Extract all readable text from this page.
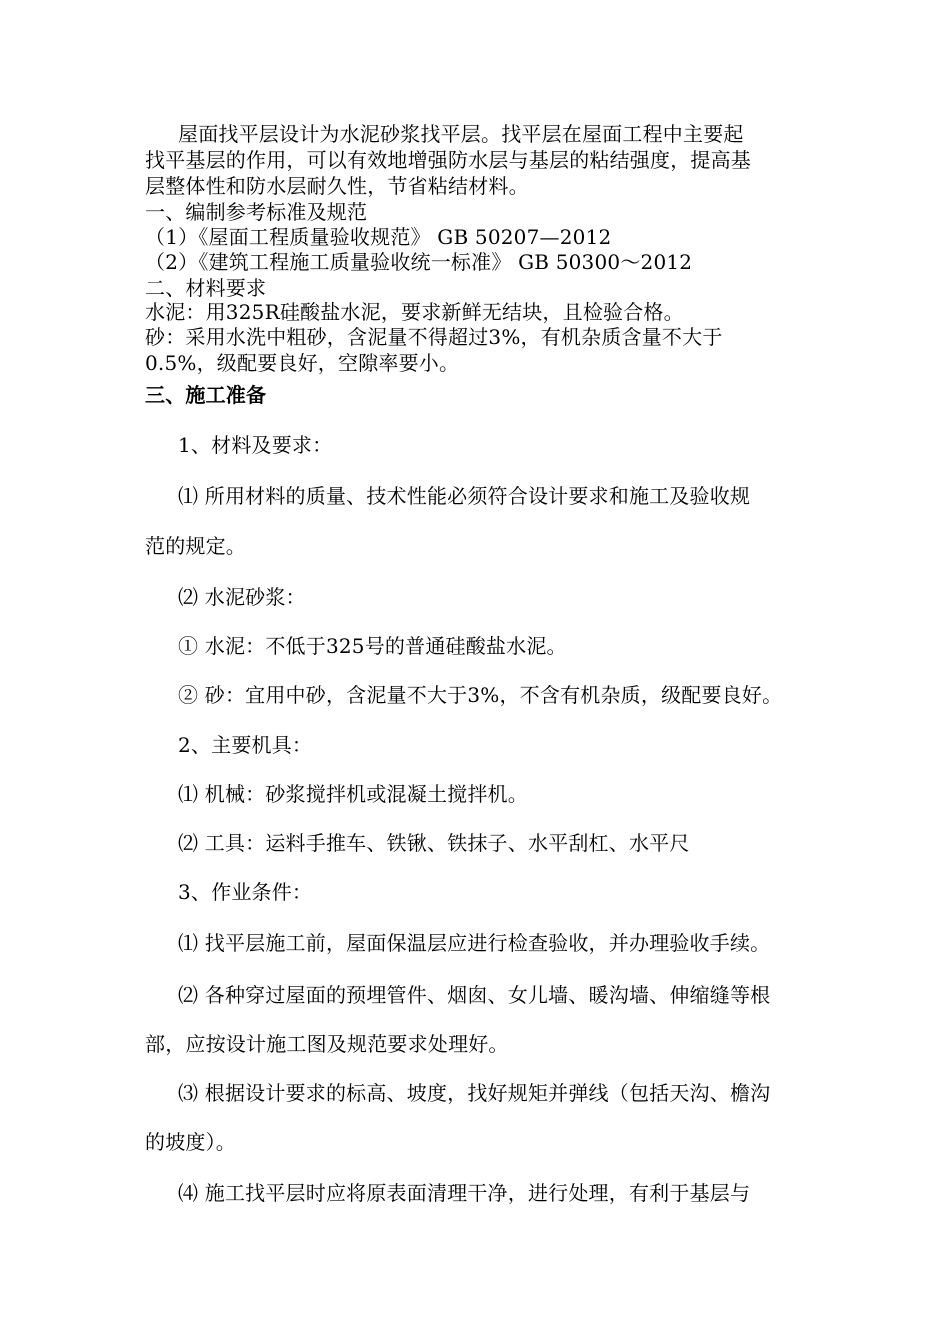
屋面找平层设计为水泥砂浆找平层。找平层在屋面工程中主要起
找平基层的作用，可以有效地增强防水层与基层的粘结强度，提高基
层整体性和防水层耐久性，节省粘结材料。
一、编制参考标准及规范
（1）《屋面工程质量验收规范》 GB 50207—2012
（2）《建筑工程施工质量验收统一标准》 GB 50300～2012
二、材料要求
水泥：用325R硅酸盐水泥，要求新鲜无结块，且检验合格。
砂：采用水洗中粗砂，含泥量不得超过3%，有机杂质含量不大于
0.5%，级配要良好，空隙率要小。
三、施工准备
1、材料及要求：
⑴ 所用材料的质量、技术性能必须符合设计要求和施工及验收规
范的规定。
⑵ 水泥砂浆：
① 水泥：不低于325号的普通硅酸盐水泥。
② 砂：宜用中砂，含泥量不大于3%，不含有机杂质，级配要良好。
2、主要机具：
⑴ 机械：砂浆搅拌机或混凝土搅拌机。
⑵ 工具：运料手推车、铁锹、铁抹子、水平刮杠、水平尺
3、作业条件：
⑴ 找平层施工前，屋面保温层应进行检查验收，并办理验收手续。
⑵ 各种穿过屋面的预埋管件、烟囱、女儿墙、暖沟墙、伸缩缝等根
部，应按设计施工图及规范要求处理好。
⑶ 根据设计要求的标高、坡度，找好规矩并弹线（包括天沟、檐沟
的坡度）。
⑷ 施工找平层时应将原表面清理干净，进行处理，有利于基层与
